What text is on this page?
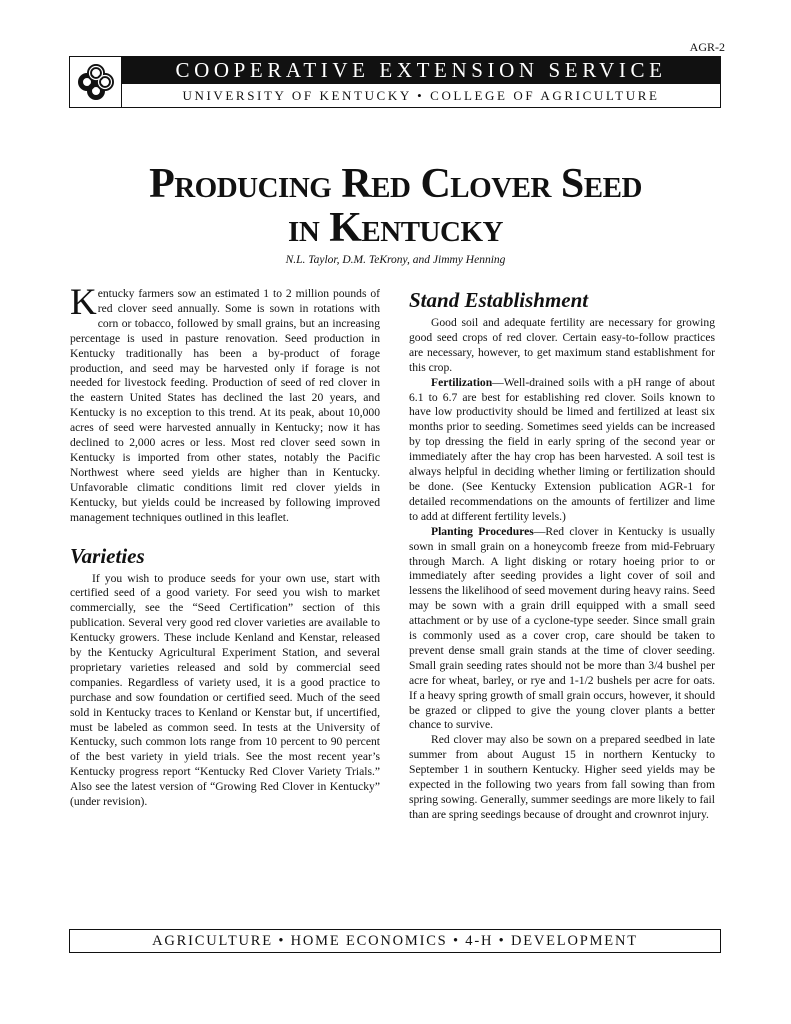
AGR-2
COOPERATIVE EXTENSION SERVICE
UNIVERSITY OF KENTUCKY • COLLEGE OF AGRICULTURE
Producing Red Clover Seed
in Kentucky
N.L. Taylor, D.M. TeKrony, and Jimmy Henning

Kentucky farmers sow an estimated 1 to 2 million pounds of red clover seed annually. Some is sown in rotations with corn or tobacco, followed by small grains, but an increasing percentage is used in pasture renovation. Seed production in Kentucky traditionally has been a by-product of forage production, and seed may be harvested only if forage is not needed for livestock feeding. Production of seed of red clover in the eastern United States has declined the last 20 years, and Kentucky is no exception to this trend. At its peak, about 10,000 acres of seed were harvested annually in Kentucky; now it has declined to 2,000 acres or less. Most red clover seed sown in Kentucky is imported from other states, notably the Pacific Northwest where seed yields are higher than in Kentucky. Unfavorable climatic conditions limit red clover yields in Kentucky, but yields could be increased by following improved management techniques outlined in this leaflet.

Varieties

If you wish to produce seeds for your own use, start with certified seed of a good variety. For seed you wish to market commercially, see the “Seed Certification” section of this publication. Several very good red clover varieties are available to Kentucky growers. These include Kenland and Kenstar, released by the Kentucky Agricultural Experiment Station, and several proprietary varieties released and sold by commercial seed companies. Regardless of variety used, it is a good practice to purchase and sow foundation or certified seed. Much of the seed sold in Kentucky traces to Kenland or Kenstar but, if uncertified, must be labeled as common seed. In tests at the University of Kentucky, such common lots range from 10 percent to 90 percent of the best variety in yield trials. See the most recent year’s Kentucky progress report “Kentucky Red Clover Variety Trials.” Also see the latest version of “Growing Red Clover in Kentucky” (under revision).

Stand Establishment

Good soil and adequate fertility are necessary for growing good seed crops of red clover. Certain easy-to-follow practices are necessary, however, to get maximum stand establishment for this crop.

Fertilization—Well-drained soils with a pH range of about 6.1 to 6.7 are best for establishing red clover. Soils known to have low productivity should be limed and fertilized at least six months prior to seeding. Sometimes seed yields can be increased by top dressing the field in early spring of the second year or immediately after the hay crop has been harvested. A soil test is always helpful in deciding whether liming or fertilization should be done. (See Kentucky Extension publication AGR-1 for detailed recommendations on the amounts of fertilizer and lime to add at different fertility levels.)

Planting Procedures—Red clover in Kentucky is usually sown in small grain on a honeycomb freeze from mid-February through March. A light disking or rotary hoeing prior to or immediately after seeding provides a light cover of soil and lessens the likelihood of seed movement during heavy rains. Seed may be sown with a grain drill equipped with a small seed attachment or by use of a cyclone-type seeder. Since small grain is commonly used as a cover crop, care should be taken to prevent dense small grain stands at the time of clover seeding. Small grain seeding rates should not be more than 3/4 bushel per acre for wheat, barley, or rye and 1-1/2 bushels per acre for oats. If a heavy spring growth of small grain occurs, however, it should be grazed or clipped to give the young clover plants a better chance to survive.

Red clover may also be sown on a prepared seedbed in late summer from about August 15 in northern Kentucky to September 1 in southern Kentucky. Higher seed yields may be expected in the following two years from fall sowing than from spring sowing. Generally, summer seedings are more likely to fail than are spring seedings because of drought and crownrot injury.

AGRICULTURE • HOME ECONOMICS • 4-H • DEVELOPMENT
